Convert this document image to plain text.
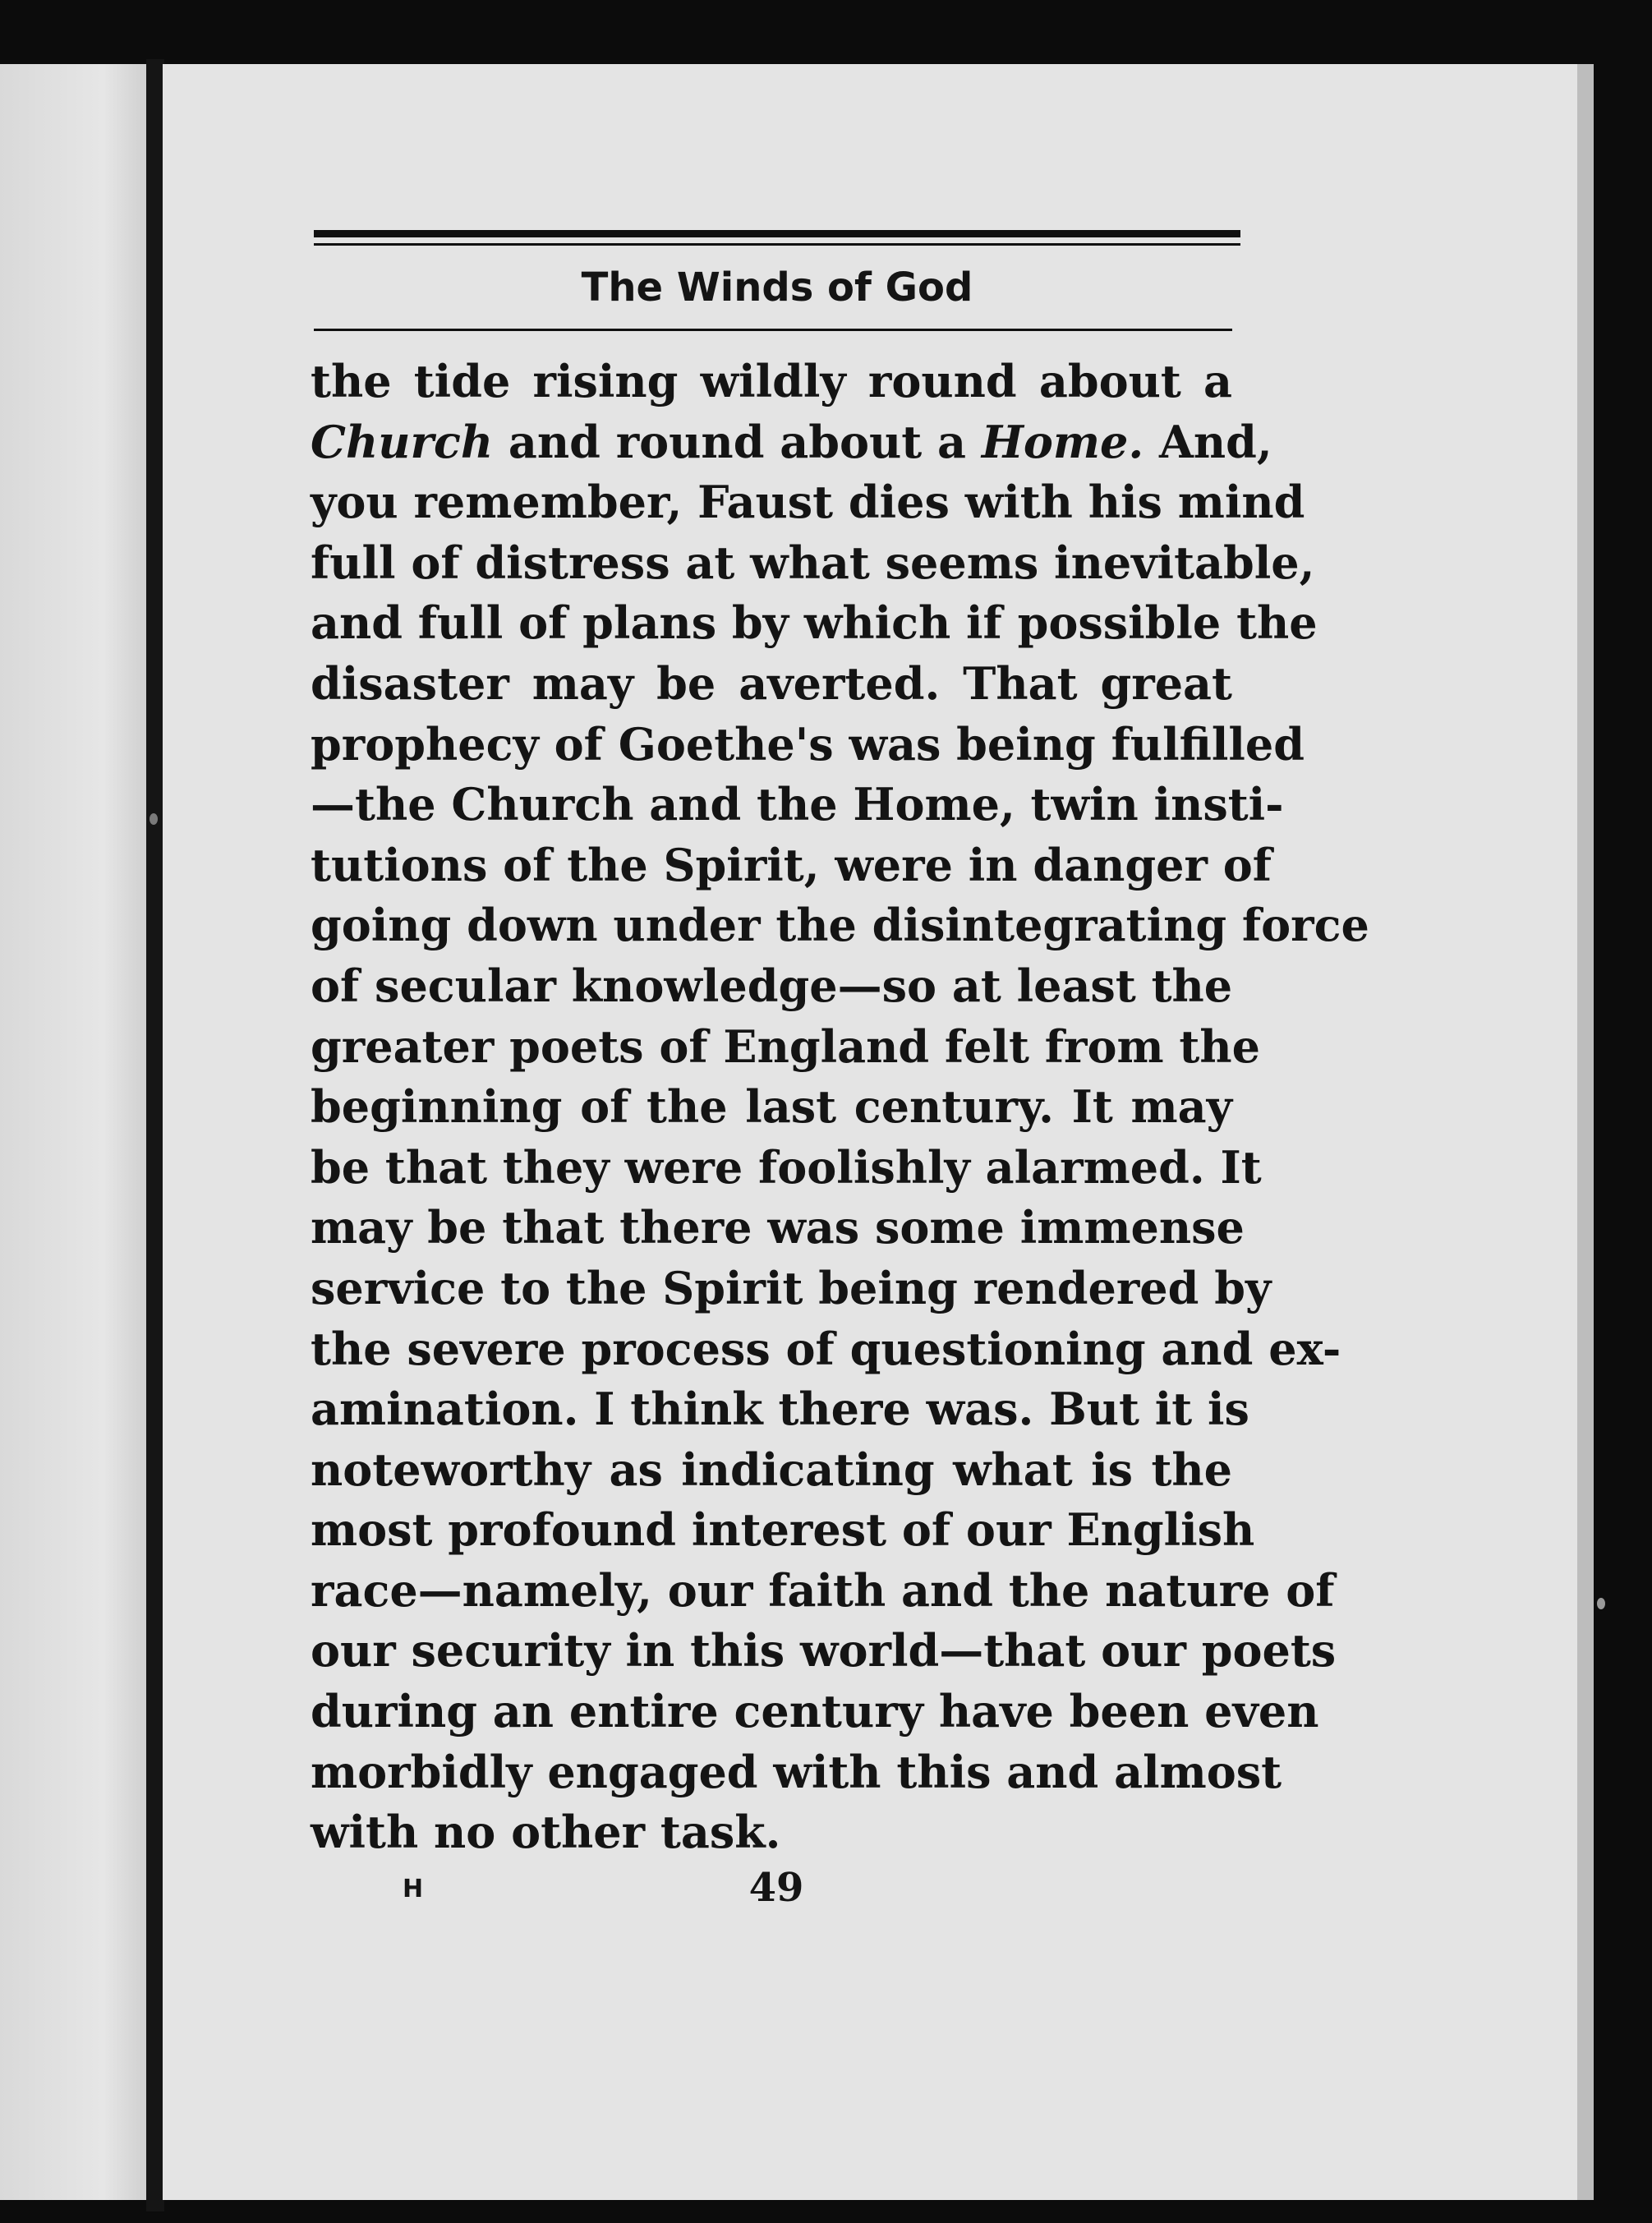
The Winds of God
the tide rising wildly round about a
Church and round about a Home. And,
you remember, Faust dies with his mind
full of distress at what seems inevitable,
and full of plans by which if possible the
disaster may be averted. That great
prophecy of Goethe's was being fulfilled
—the Church and the Home, twin insti-
tutions of the Spirit, were in danger of
going down under the disintegrating force
of secular knowledge—so at least the
greater poets of England felt from the
beginning of the last century. It may
be that they were foolishly alarmed. It
may be that there was some immense
service to the Spirit being rendered by
the severe process of questioning and ex-
amination. I think there was. But it is
noteworthy as indicating what is the
most profound interest of our English
race—namely, our faith and the nature of
our security in this world—that our poets
during an entire century have been even
morbidly engaged with this and almost
with no other task.
H	49
